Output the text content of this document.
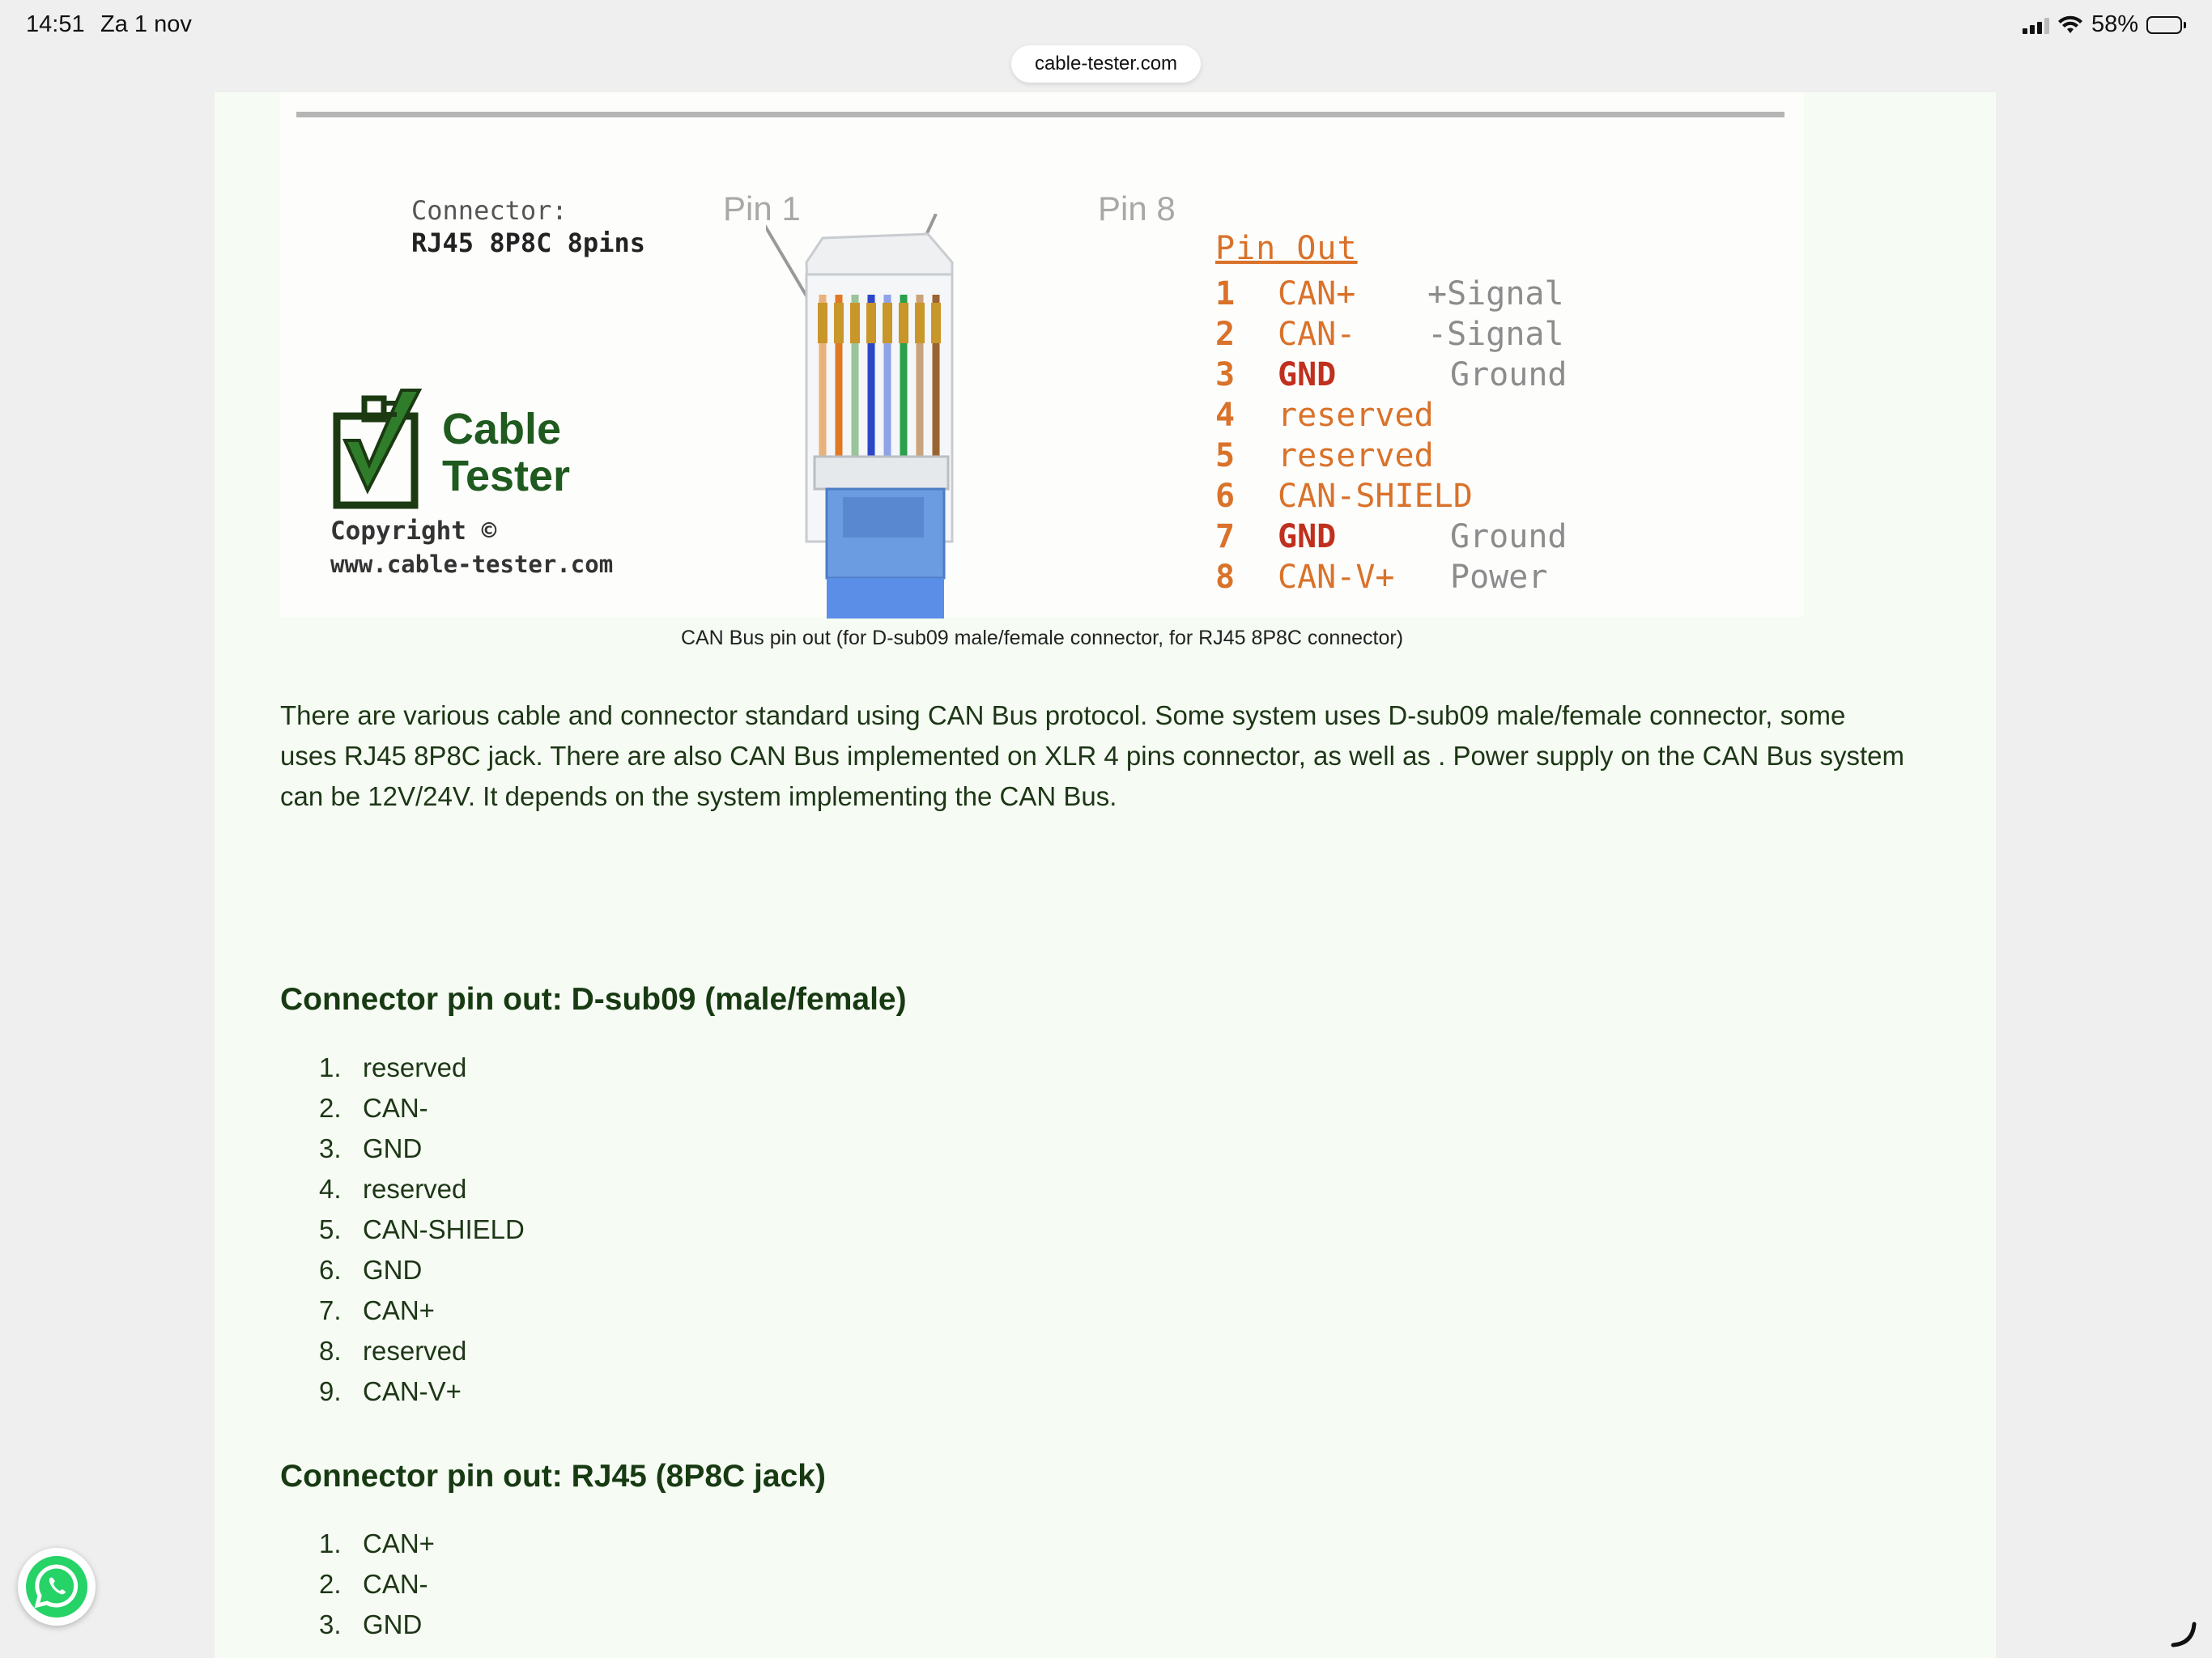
14:51 Za 1 nov	58%
cable-tester.com
Connector:
RJ45 8P8C 8pins
Pin 1	Pin 8
Cable
Tester
Copyright ©
www.cable-tester.com
Pin Out
1 CAN+ +Signal
2 CAN- -Signal
3 GND	Ground
4 reserved
5 reserved
6 CAN-SHIELD
7 GND	Ground
8 CAN-V+ Power
CAN Bus pin out (for D-sub09 male/female connector, for RJ45 8P8C connector)

There are various cable and connector standard using CAN Bus protocol. Some system uses D-sub09 male/female connector, some uses RJ45 8P8C jack. There are also CAN Bus implemented on XLR 4 pins connector, as well as . Power supply on the CAN Bus system can be 12V/24V. It depends on the system implementing the CAN Bus.

Connector pin out: D-sub09 (male/female)
1. reserved
2. CAN-
3. GND
4. reserved
5. CAN-SHIELD
6. GND
7. CAN+
8. reserved
9. CAN-V+
Connector pin out: RJ45 (8P8C jack)
1. CAN+
2. CAN-
3. GND
